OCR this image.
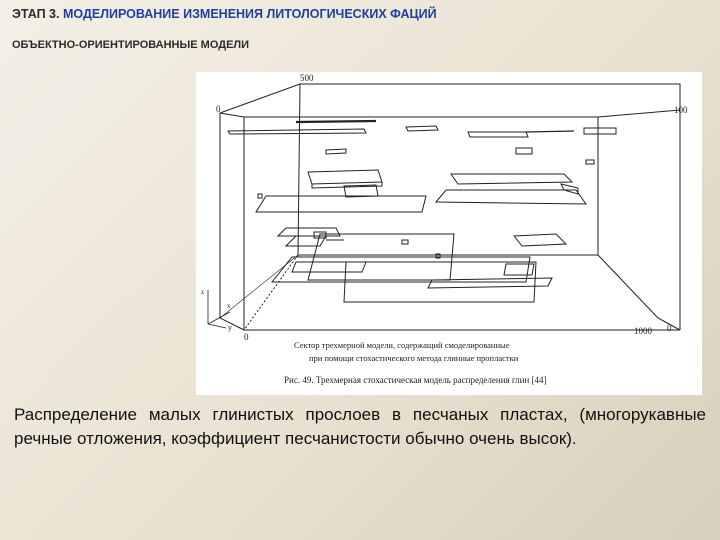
ЭТАП 3. МОДЕЛИРОВАНИЕ ИЗМЕНЕНИЯ ЛИТОЛОГИЧЕСКИХ ФАЦИЙ
ОБЪЕКТНО-ОРИЕНТИРОВАННЫЕ МОДЕЛИ
z
x
y
500
0	100
0
1000 0
Сектор трехмерной модели, содержащий смоделированные
при помощи стохастического метода глинные пропластки
Рис. 49. Трехмерная стохастическая модель распределения глин [44]

Распределение малых глинистых прослоев в песчаных пластах, (многорукавные речные отложения, коэффициент песчанистости обычно очень высок).
